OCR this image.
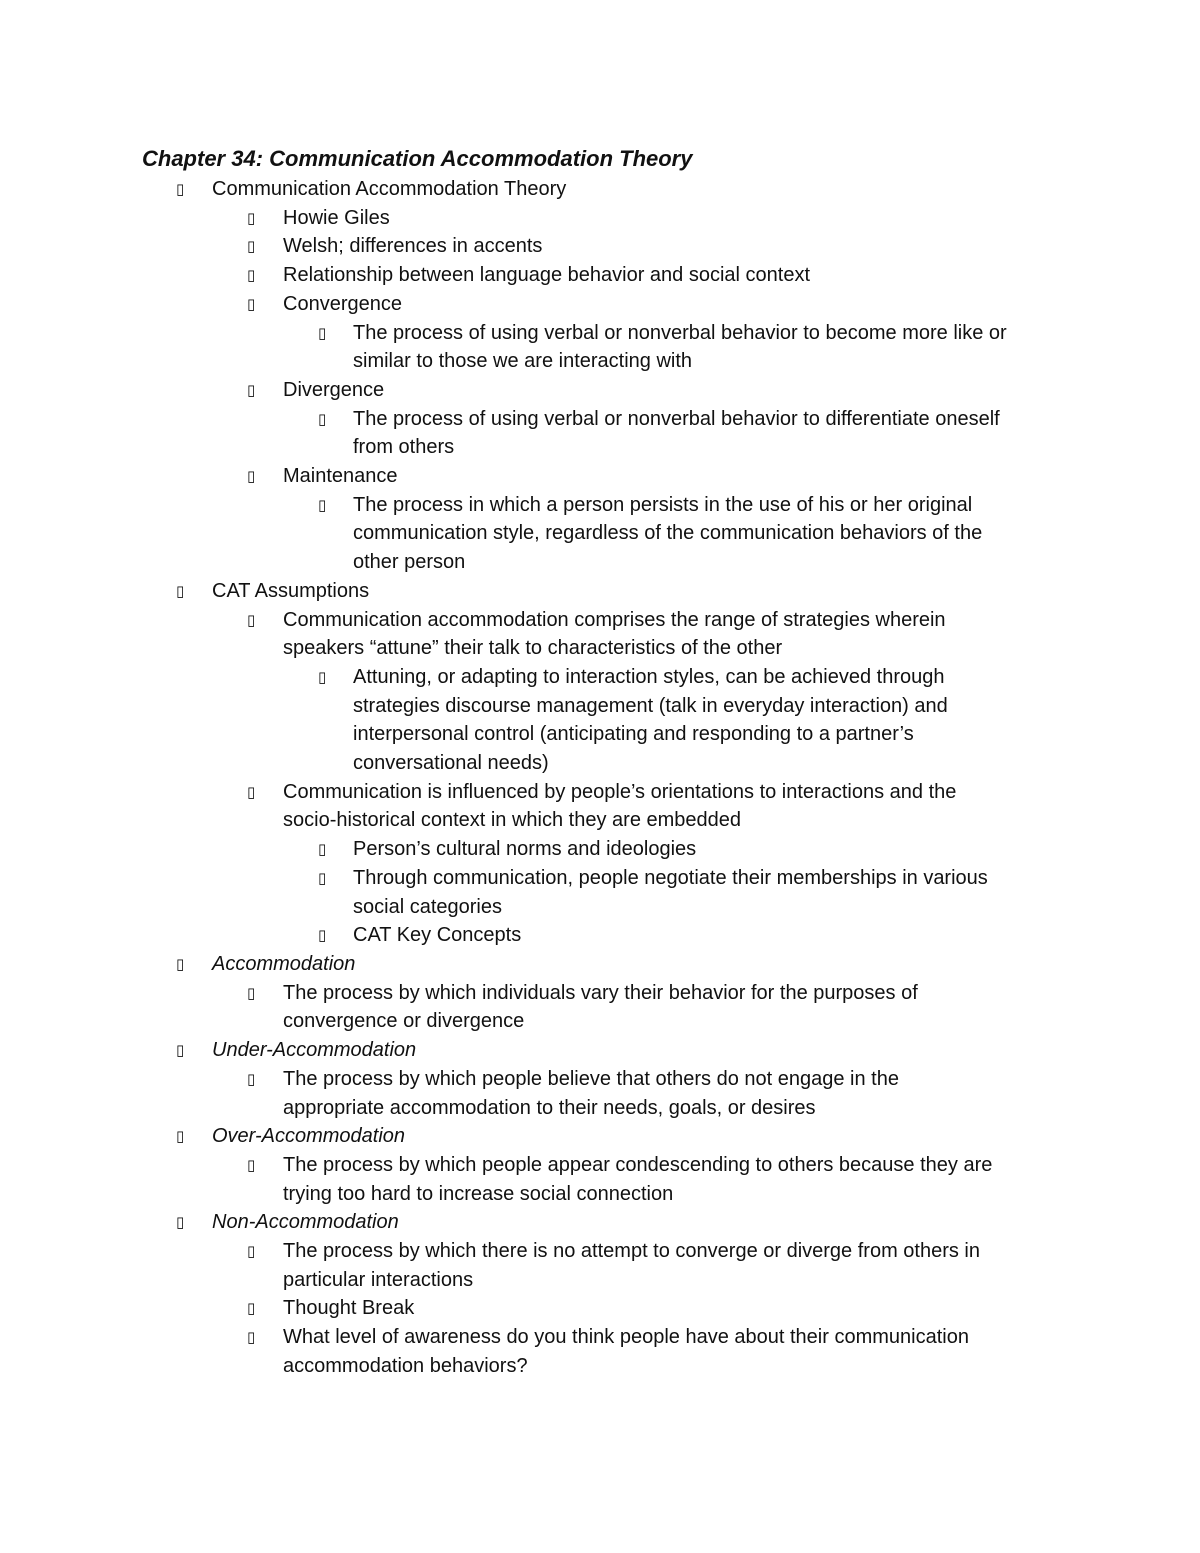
Chapter 34: Communication Accommodation Theory
▯ Communication Accommodation Theory
▯ Howie Giles
▯ Welsh; differences in accents
▯ Relationship between language behavior and social context
▯ Convergence
▯ The process of using verbal or nonverbal behavior to become more like or
similar to those we are interacting with
▯ Divergence
▯ The process of using verbal or nonverbal behavior to differentiate oneself
from others
▯ Maintenance
▯ The process in which a person persists in the use of his or her original
communication style, regardless of the communication behaviors of the
other person
▯ CAT Assumptions
▯ Communication accommodation comprises the range of strategies wherein
speakers “attune” their talk to characteristics of the other
▯ Attuning, or adapting to interaction styles, can be achieved through
strategies discourse management (talk in everyday interaction) and
interpersonal control (anticipating and responding to a partner’s
conversational needs)
▯ Communication is influenced by people’s orientations to interactions and the
socio-historical context in which they are embedded
▯ Person’s cultural norms and ideologies
▯ Through communication, people negotiate their memberships in various
social categories
▯ CAT Key Concepts
▯ Accommodation
▯ The process by which individuals vary their behavior for the purposes of
convergence or divergence
▯ Under-Accommodation
▯ The process by which people believe that others do not engage in the
appropriate accommodation to their needs, goals, or desires
▯ Over-Accommodation
▯ The process by which people appear condescending to others because they are
trying too hard to increase social connection
▯ Non-Accommodation
▯ The process by which there is no attempt to converge or diverge from others in
particular interactions
▯ Thought Break
▯ What level of awareness do you think people have about their communication
accommodation behaviors?
